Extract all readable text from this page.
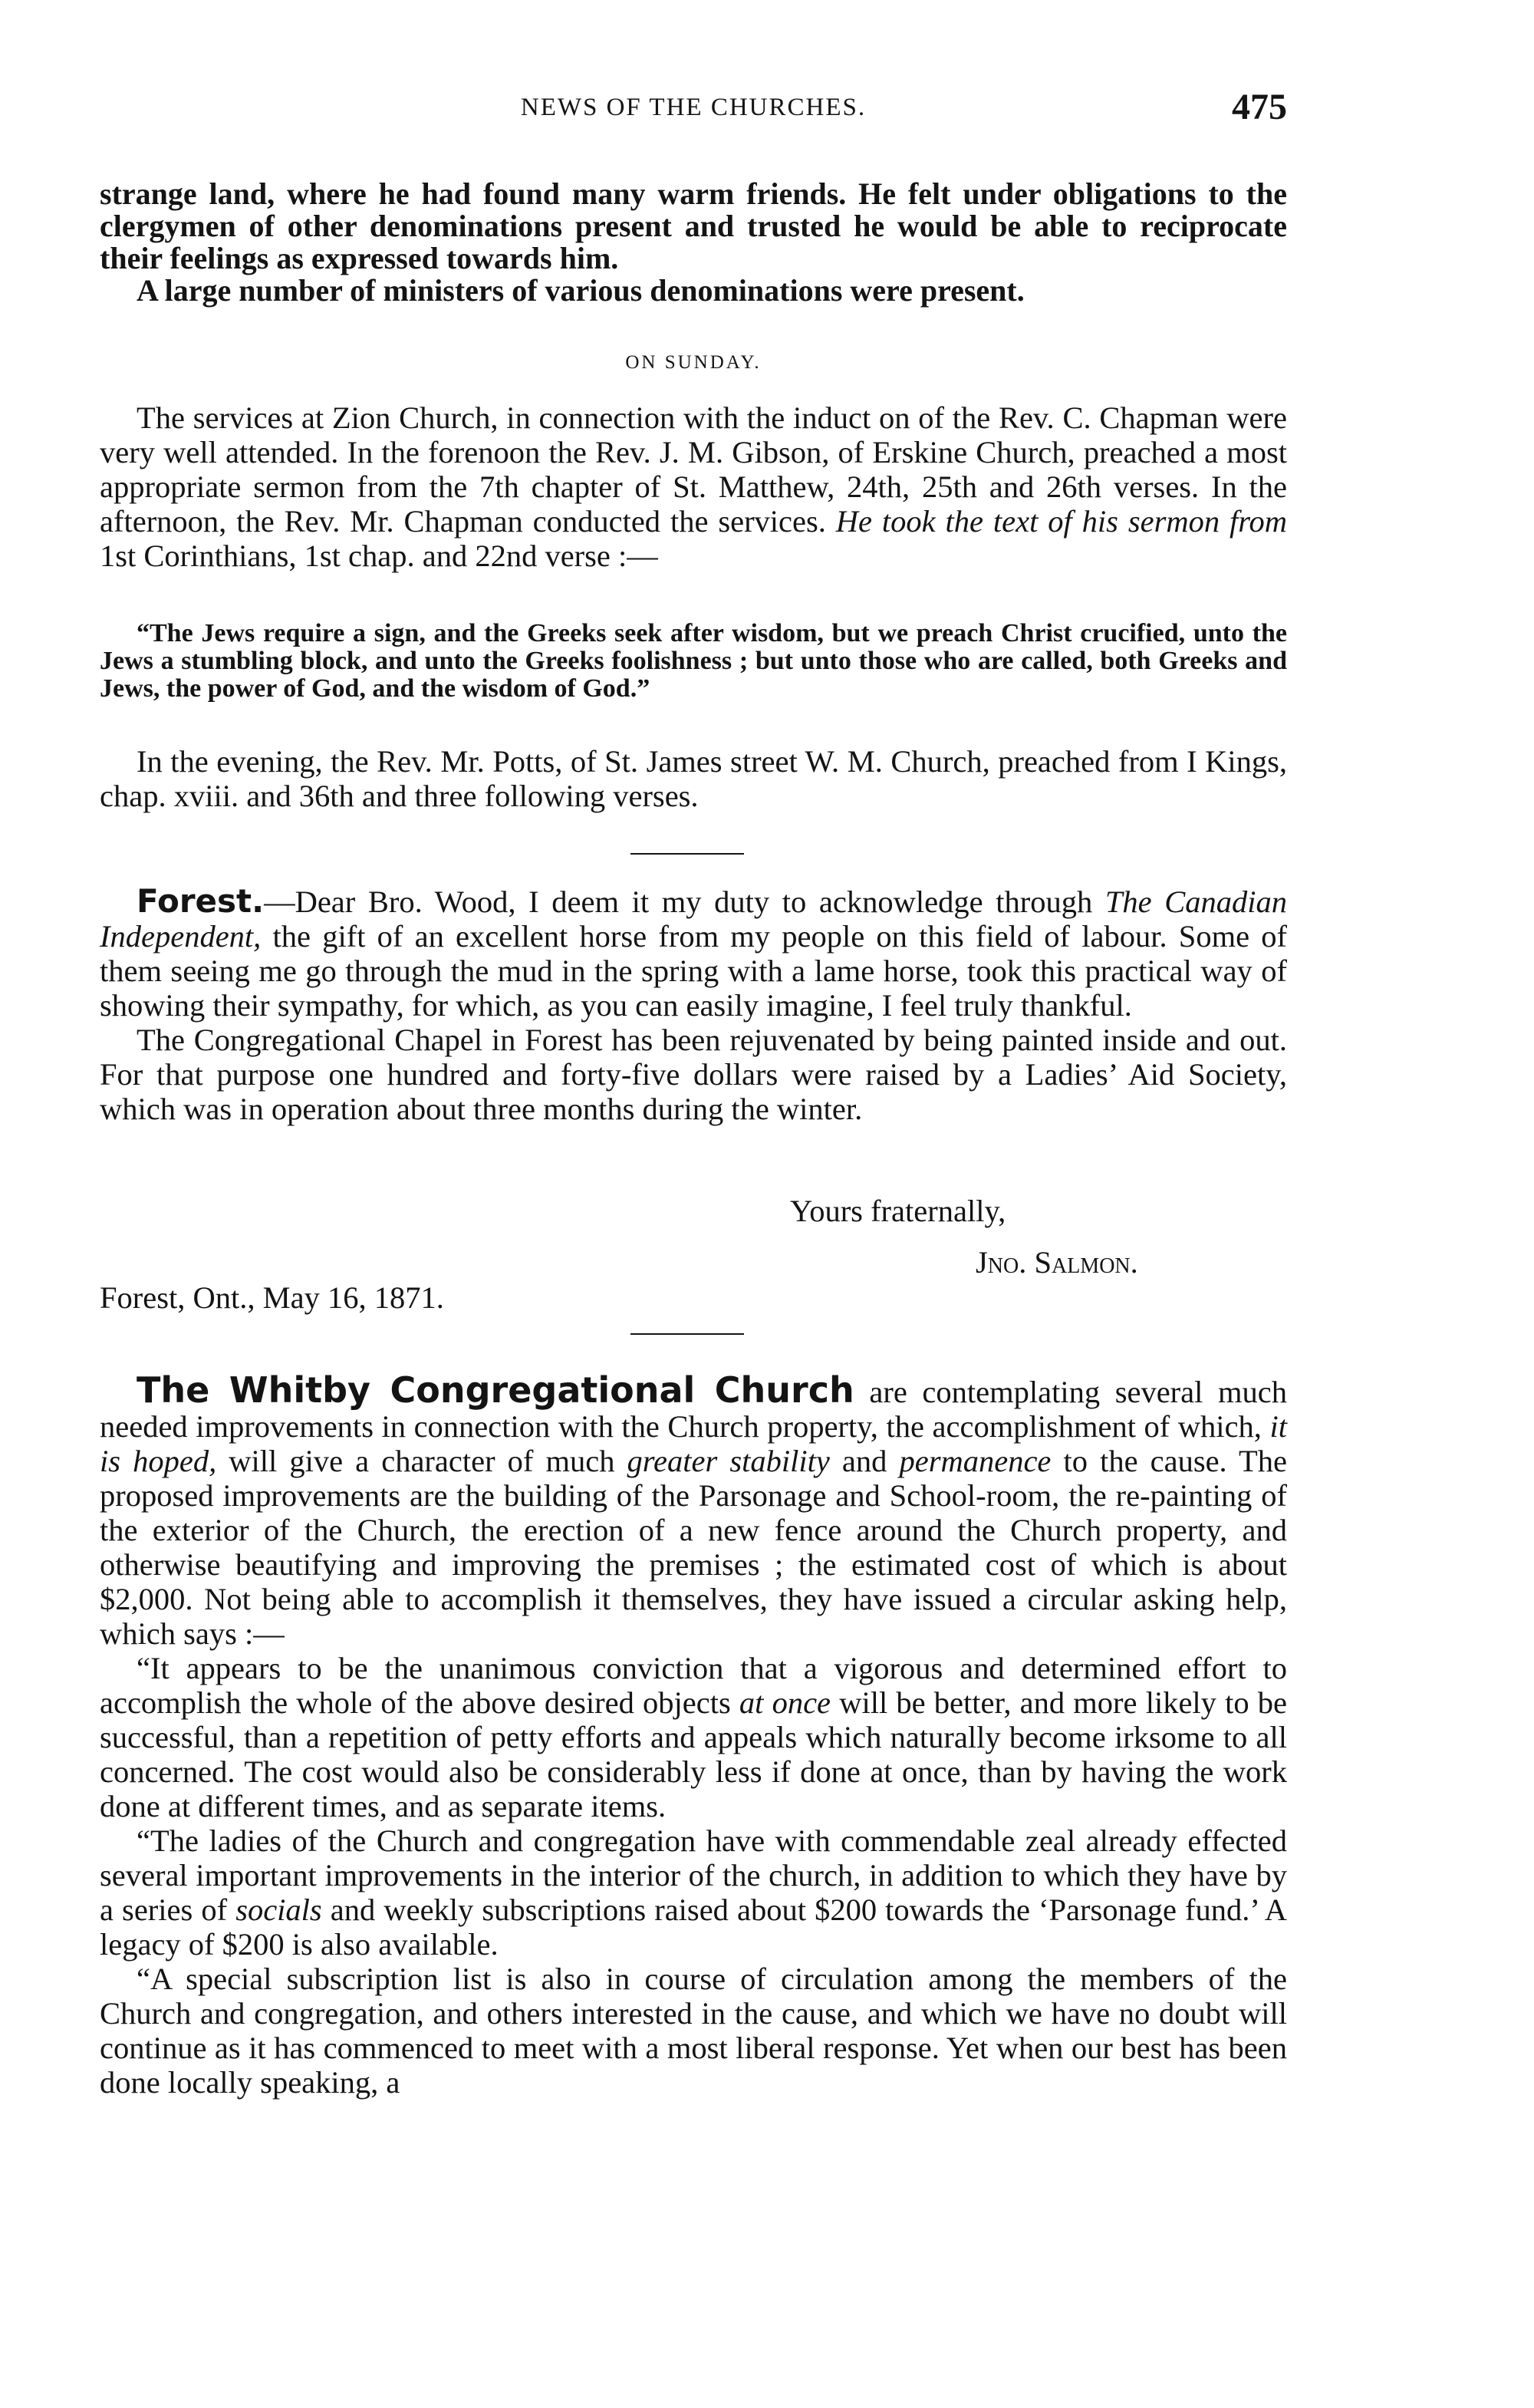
NEWS OF THE CHURCHES.	475

strange land, where he had found many warm friends. He felt under obligations to the clergymen of other denominations present and trusted he would be able to reciprocate their feelings as expressed towards him.

A large number of ministers of various denominations were present.

ON SUNDAY.

The services at Zion Church, in connection with the induct on of the Rev. C. Chapman were very well attended. In the forenoon the Rev. J. M. Gibson, of Erskine Church, preached a most appropriate sermon from the 7th chapter of St. Matthew, 24th, 25th and 26th verses. In the afternoon, the Rev. Mr. Chapman conducted the services. He took the text of his sermon from 1st Corinthians, 1st chap. and 22nd verse :—

“The Jews require a sign, and the Greeks seek after wisdom, but we preach Christ crucified, unto the Jews a stumbling block, and unto the Greeks foolishness ; but unto those who are called, both Greeks and Jews, the power of God, and the wisdom of God.”

In the evening, the Rev. Mr. Potts, of St. James street W. M. Church, preached from I Kings, chap. xviii. and 36th and three following verses.

Forest.—Dear Bro. Wood, I deem it my duty to acknowledge through The Canadian Independent, the gift of an excellent horse from my people on this field of labour. Some of them seeing me go through the mud in the spring with a lame horse, took this practical way of showing their sympathy, for which, as you can easily imagine, I feel truly thankful.

The Congregational Chapel in Forest has been rejuvenated by being painted inside and out. For that purpose one hundred and forty-five dollars were raised by a Ladies’ Aid Society, which was in operation about three months during the winter.

Yours fraternally,
Jno. Salmon.
Forest, Ont., May 16, 1871.

The Whitby Congregational Church are contemplating several much needed improvements in connection with the Church property, the accomplishment of which, it is hoped, will give a character of much greater stability and permanence to the cause. The proposed improvements are the building of the Parsonage and School-room, the re-painting of the exterior of the Church, the erection of a new fence around the Church property, and otherwise beautifying and improving the premises ; the estimated cost of which is about $2,000. Not being able to accomplish it themselves, they have issued a circular asking help, which says :—

“It appears to be the unanimous conviction that a vigorous and determined effort to accomplish the whole of the above desired objects at once will be better, and more likely to be successful, than a repetition of petty efforts and appeals which naturally become irksome to all concerned. The cost would also be considerably less if done at once, than by having the work done at different times, and as separate items.

“The ladies of the Church and congregation have with commendable zeal already effected several important improvements in the interior of the church, in addition to which they have by a series of socials and weekly subscriptions raised about $200 towards the ‘Parsonage fund.’ A legacy of $200 is also available.

“A special subscription list is also in course of circulation among the members of the Church and congregation, and others interested in the cause, and which we have no doubt will continue as it has commenced to meet with a most liberal response. Yet when our best has been done locally speaking, a
